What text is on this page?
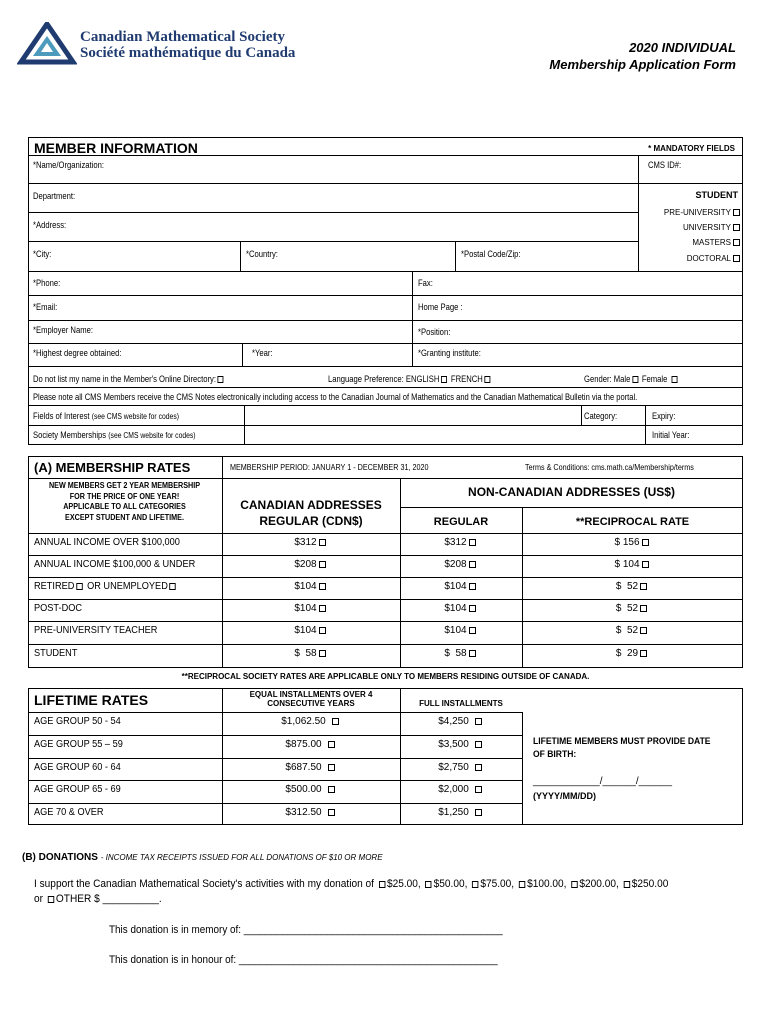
Canadian Mathematical Society
Société mathématique du Canada	2020 INDIVIDUAL
Membership Application Form
MEMBER INFORMATION	* MANDATORY FIELDS
*Name/Organization:	CMS ID#:
Department:	STUDENT
*Address:
*City:	*Country:	*Postal Code/Zip:
PRE-UNIVERSITY
UNIVERSITY
MASTERS
DOCTORAL
*Phone:	Fax:
*Email:	Home Page :
*Employer Name:	*Position:
*Highest degree obtained:	*Year:	*Granting institute:
Do not list my name in the Member's Online Directory:	Language Preference: ENGLISH FRENCH	Gender: Male Female
Please note all CMS Members receive the CMS Notes electronically including access to the Canadian Journal of Mathematics and the Canadian Mathematical Bulletin via the portal.
Fields of Interest (see CMS website for codes)	Category:	Expiry:
Society Memberships (see CMS website for codes)	Initial Year:
(A) MEMBERSHIP RATES	MEMBERSHIP PERIOD: JANUARY 1 - DECEMBER 31, 2020	Terms & Conditions: cms.math.ca/Membership/terms
NEW MEMBERS GET 2 YEAR MEMBERSHIP
FOR THE PRICE OF ONE YEAR!
APPLICABLE TO ALL CATEGORIES
EXCEPT STUDENT AND LIFETIME.
CANADIAN ADDRESSES
REGULAR (CDN$)
NON-CANADIAN ADDRESSES (US$)
REGULAR	**RECIPROCAL RATE
ANNUAL INCOME OVER $100,000	$312	$312	$ 156
ANNUAL INCOME $100,000 & UNDER	$208	$208	$ 104
RETIRED OR UNEMPLOYED	$104	$104	$  52
POST-DOC	$104	$104	$  52
PRE-UNIVERSITY TEACHER	$104	$104	$  52
STUDENT	$  58	$  58	$  29
**RECIPROCAL SOCIETY RATES ARE APPLICABLE ONLY TO MEMBERS RESIDING OUTSIDE OF CANADA.
LIFETIME RATES	EQUAL INSTALLMENTS OVER 4
CONSECUTIVE YEARS	FULL INSTALLMENTS
AGE GROUP 50 - 54	$1,062.50	$4,250
AGE GROUP 55 – 59	$875.00	$3,500
AGE GROUP 60 - 64	$687.50	$2,750
AGE GROUP 65 - 69	$500.00	$2,000
AGE 70 & OVER	$312.50	$1,250
LIFETIME MEMBERS MUST PROVIDE DATE
OF BIRTH:
____________/______/______
(YYYY/MM/DD)
(B) DONATIONS - INCOME TAX RECEIPTS ISSUED FOR ALL DONATIONS OF $10 OR MORE
I support the Canadian Mathematical Society's activities with my donation of $25.00, $50.00, $75.00, $100.00, $200.00, $250.00
or OTHER $ __________.
This donation is in memory of: _______________________________________________
This donation is in honour of: _______________________________________________
